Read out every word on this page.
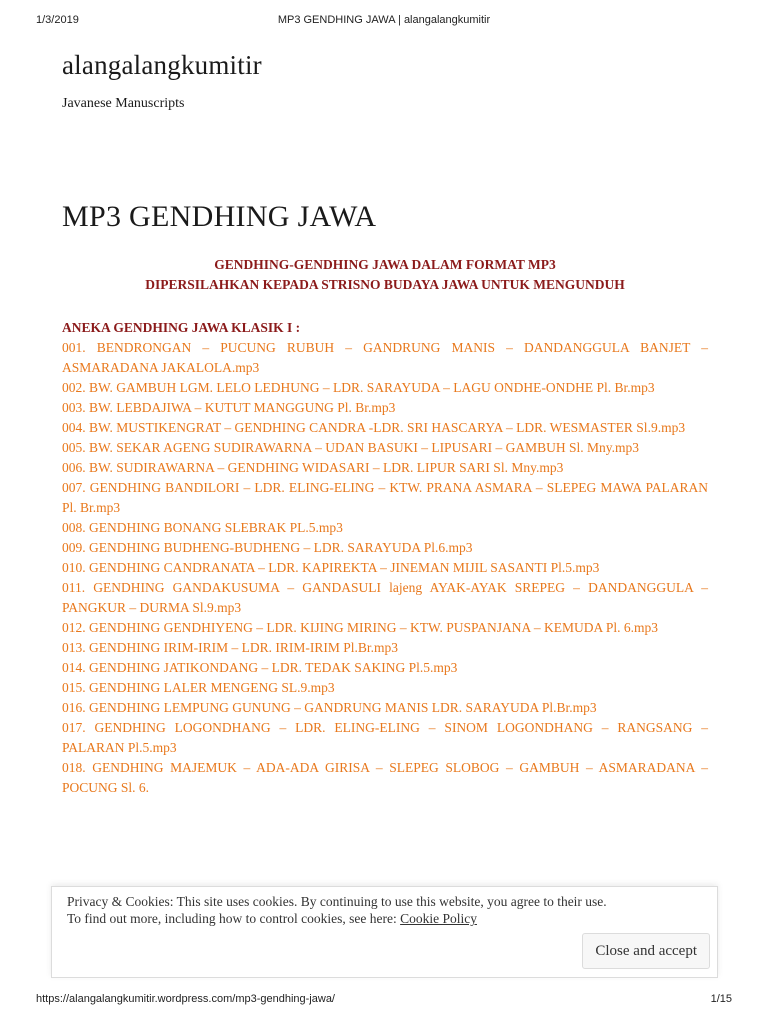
1/3/2019	MP3 GENDHING JAWA | alangalangkumitir
alangalangkumitir
Javanese Manuscripts
MP3 GENDHING JAWA
GENDHING-GENDHING JAWA DALAM FORMAT MP3
DIPERSILAHKAN KEPADA STRISNO BUDAYA JAWA UNTUK MENGUNDUH

ANEKA GENDHING JAWA KLASIK I :

001. BENDRONGAN – PUCUNG RUBUH – GANDRUNG MANIS – DANDANGGULA BANJET – ASMARADANA JAKALOLA.mp3
002. BW. GAMBUH LGM. LELO LEDHUNG – LDR. SARAYUDA – LAGU ONDHE-ONDHE Pl. Br.mp3
003. BW. LEBDAJIWA – KUTUT MANGGUNG Pl. Br.mp3
004. BW. MUSTIKENGRAT – GENDHING CANDRA -LDR. SRI HASCARYA – LDR. WESMASTER Sl.9.mp3
005. BW. SEKAR AGENG SUDIRAWARNA – UDAN BASUKI – LIPUSARI – GAMBUH Sl. Mny.mp3
006. BW. SUDIRAWARNA – GENDHING WIDASARI – LDR. LIPUR SARI Sl. Mny.mp3
007. GENDHING BANDILORI – LDR. ELING-ELING – KTW. PRANA ASMARA – SLEPEG MAWA PALARAN Pl. Br.mp3
008. GENDHING BONANG SLEBRAK PL.5.mp3
009. GENDHING BUDHENG-BUDHENG – LDR. SARAYUDA Pl.6.mp3
010. GENDHING CANDRANATA – LDR. KAPIREKTA – JINEMAN MIJIL SASANTI Pl.5.mp3
011. GENDHING GANDAKUSUMA – GANDASULI lajeng AYAK-AYAK SREPEG – DANDANGGULA – PANGKUR – DURMA Sl.9.mp3
012. GENDHING GENDHIYENG – LDR. KIJING MIRING – KTW. PUSPANJANA – KEMUDA Pl. 6.mp3
013. GENDHING IRIM-IRIM – LDR. IRIM-IRIM Pl.Br.mp3
014. GENDHING JATIKONDANG – LDR. TEDAK SAKING Pl.5.mp3
015. GENDHING LALER MENGENG SL.9.mp3
016. GENDHING LEMPUNG GUNUNG – GANDRUNG MANIS LDR. SARAYUDA Pl.Br.mp3
017. GENDHING LOGONDHANG – LDR. ELING-ELING – SINOM LOGONDHANG – RANGSANG – PALARAN Pl.5.mp3
018. GENDHING MAJEMUK – ADA-ADA GIRISA – SLEPEG SLOBOG – GAMBUH – ASMARADANA – POCUNG Sl. 6.
Privacy & Cookies: This site uses cookies. By continuing to use this website, you agree to their use.
To find out more, including how to control cookies, see here: Cookie Policy
Close and accept
https://alangalangkumitir.wordpress.com/mp3-gendhing-jawa/	1/15
